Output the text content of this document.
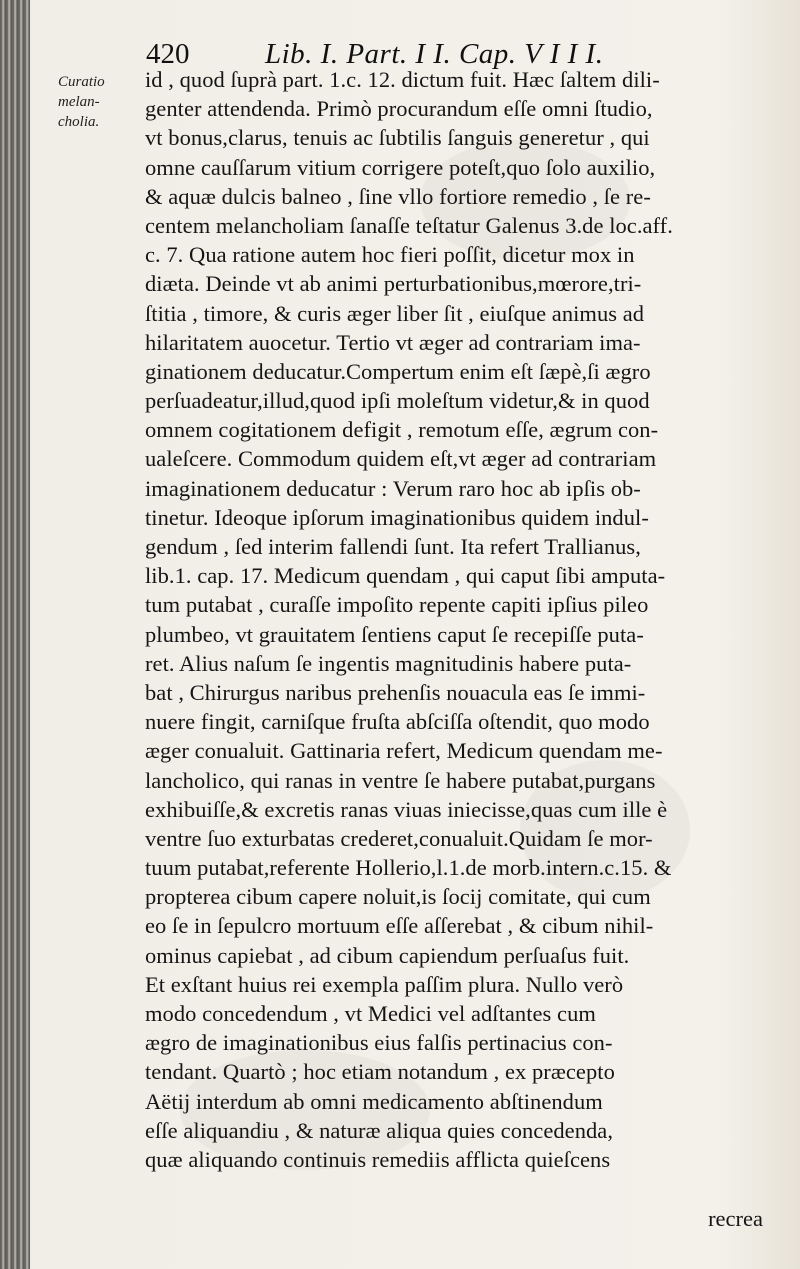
420	Lib. I. Part. I I. Cap. V I I I.
Curatio
melan-
cholia.
id , quod ſuprà part. 1.c. 12. dictum fuit. Hæc ſaltem dili-
genter attendenda. Primò procurandum eſſe omni ſtudio,
vt bonus,clarus, tenuis ac ſubtilis ſanguis generetur , qui
omne cauſſarum vitium corrigere poteſt,quo ſolo auxilio,
& aquæ dulcis balneo , ſine vllo fortiore remedio , ſe re-
centem melancholiam ſanaſſe teſtatur Galenus 3.de loc.aff.
c. 7. Qua ratione autem hoc fieri poſſit, dicetur mox in
diæta. Deinde vt ab animi perturbationibus,mœrore,tri-
ſtitia , timore, & curis æger liber ſit , eiuſque animus ad
hilaritatem auocetur. Tertio vt æger ad contrariam ima-
ginationem deducatur.Compertum enim eſt ſæpè,ſi ægro
perſuadeatur,illud,quod ipſi moleſtum videtur,& in quod
omnem cogitationem defigit , remotum eſſe, ægrum con-
ualeſcere. Commodum quidem eſt,vt æger ad contrariam
imaginationem deducatur : Verum raro hoc ab ipſis ob-
tinetur. Ideoque ipſorum imaginationibus quidem indul-
gendum , ſed interim fallendi ſunt. Ita refert Trallianus,
lib.1. cap. 17. Medicum quendam , qui caput ſibi amputa-
tum putabat , curaſſe impoſito repente capiti ipſius pileo
plumbeo, vt grauitatem ſentiens caput ſe recepiſſe puta-
ret. Alius naſum ſe ingentis magnitudinis habere puta-
bat , Chirurgus naribus prehenſis nouacula eas ſe immi-
nuere fingit, carniſque fruſta abſciſſa oſtendit, quo modo
æger conualuit. Gattinaria refert, Medicum quendam me-
lancholico, qui ranas in ventre ſe habere putabat,purgans
exhibuiſſe,& excretis ranas viuas iniecisse,quas cum ille è
ventre ſuo exturbatas crederet,conualuit.Quidam ſe mor-
tuum putabat,referente Hollerio,l.1.de morb.intern.c.15. &
propterea cibum capere noluit,is ſocij comitate, qui cum
eo ſe in ſepulcro mortuum eſſe aſſerebat , & cibum nihil-
ominus capiebat , ad cibum capiendum perſuaſus fuit.
Et exſtant huius rei exempla paſſim plura. Nullo verò
modo concedendum , vt Medici vel adſtantes cum
ægro de imaginationibus eius falſis pertinacius con-
tendant. Quartò ; hoc etiam notandum , ex præcepto
Aëtij interdum ab omni medicamento abſtinendum
eſſe aliquandiu , & naturæ aliqua quies concedenda,
quæ aliquando continuis remediis afflicta quieſcens
recrea
